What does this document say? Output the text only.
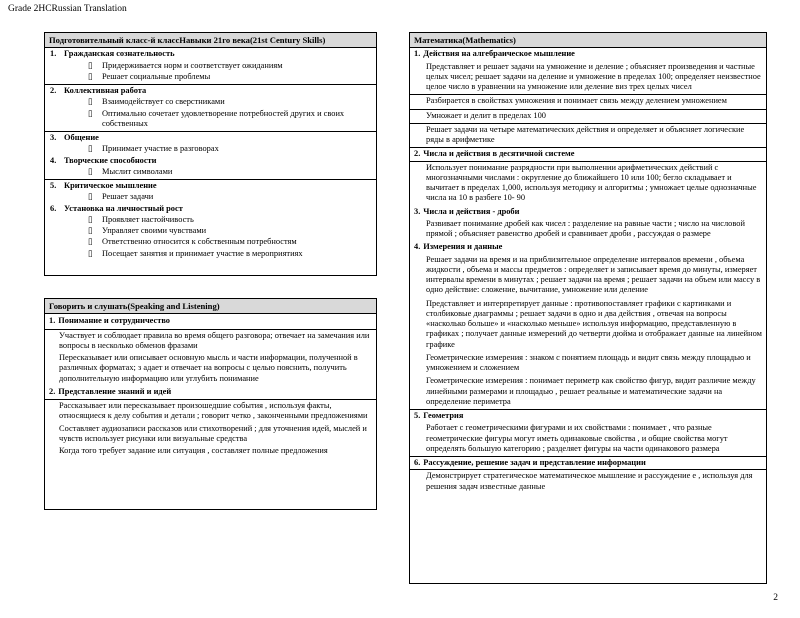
Grade 2HCRussian Translation
Подготовительный класс-й классНавыки 21го века(21st Century Skills)
1. Гражданская сознательность
▯ Придерживается норм и соответствует ожиданиям
▯ Решает социальные проблемы
2. Коллективная работа
▯ Взаимодействует со сверстниками
▯ Оптимально сочетает удовлетворение потребностей других и своих собственных
3. Общение
▯ Принимает участие в разговорах
4. Творческие способности
▯ Мыслит символами
5. Критическое мышление
▯ Решает задачи
6. Установка на личностный рост
▯ Проявляет настойчивость
▯ Управляет своими чувствами
▯ Ответственно относится к собственным потребностям
▯ Посещает занятия и принимает участие в мероприятиях
Говорить и слушать(Speaking and Listening)
1. Понимание и сотрудничество
Участвует и соблюдает правила во время общего разговора; отвечает на замечания или вопросы в несколько обменов фразами
Пересказывает или описывает основную мысль и части информации, полученной в различных форматах; з адает и отвечает на вопросы с целью пояснить, получить дополнительную информацию или углубить понимание
2. Представление знаний и идей
Рассказывает или пересказывает произошедшие события , используя факты, относящиеся к делу события и детали ; говорит четко , законченными предложениями
Составляет аудиозаписи рассказов или стихотворений ; для уточнения идей, мыслей и чувств использует рисунки или визуальные средства
Когда того требует задание или ситуация , составляет полные предложения
Математика(Mathematics)
1. Действия на алгебраическое мышление
Представляет и решает задачи на умножение и деление ; объясняет произведения и частные целых чисел; решает задачи на деление и умножение в пределах 100; определяет неизвестное целое число в уравнении на умножение или деление виз трех целых чисел
Разбирается в свойствах умножения и понимает связь между делением умножением
Умножает и делит в пределах 100
Решает задачи на четыре математических действия и определяет и объясняет логические ряды в арифметике
2. Числа и действия в десятичной системе
Использует понимание разрядности при выполнении арифметических действий с многозначными числами : округление до ближайшего 10 или 100; бегло складывает и вычитает в пределах 1,000, используя методику и алгоритмы ; умножает целые однозначные числа на 10 в разбеге 10- 90
3. Числа и действия - дроби
Развивает понимание дробей как чисел : разделение на равные части ; число на числовой прямой ; объясняет равенство дробей и сравнивает дроби , рассуждая о размере
4. Измерения и данные
Решает задачи на время и на приблизительное определение интервалов времени , объема жидкости , объема и массы предметов : определяет и записывает время до минуты, измеряет интервалы времени в минутах ; решает задачи на время ; решает задачи на объем или массу в одно действие: сложение, вычитание, умножение или деление
Представляет и интерпретирует данные : противопоставляет графики с картинками и столбиковые диаграммы ; решает задачи в одно и два действия , отвечая на вопросы «насколько больше» и «насколько меньше» используя информацию, представленную в графиках ; получает данные измерений до четверти дюйма и отображает данные на линейном графике
Геометрические измерения : знаком с понятием площадь и видит связь между площадью и умножением и сложением
Геометрические измерения : понимает периметр как свойство фигур, видит различие между линейными размерами и площадью , решает реальные и математические задачи на определение периметра
5. Геометрия
Работает с геометрическими фигурами и их свойствами : понимает , что разные геометрические фигуры могут иметь одинаковые свойства , и общие свойства могут определять большую категорию ; разделяет фигуры на части одинакового размера
6. Рассуждение, решение задач и представление информации
Демонстрирует стратегическое математическое мышление и рассуждение е , используя для решения задач известные данные
2
